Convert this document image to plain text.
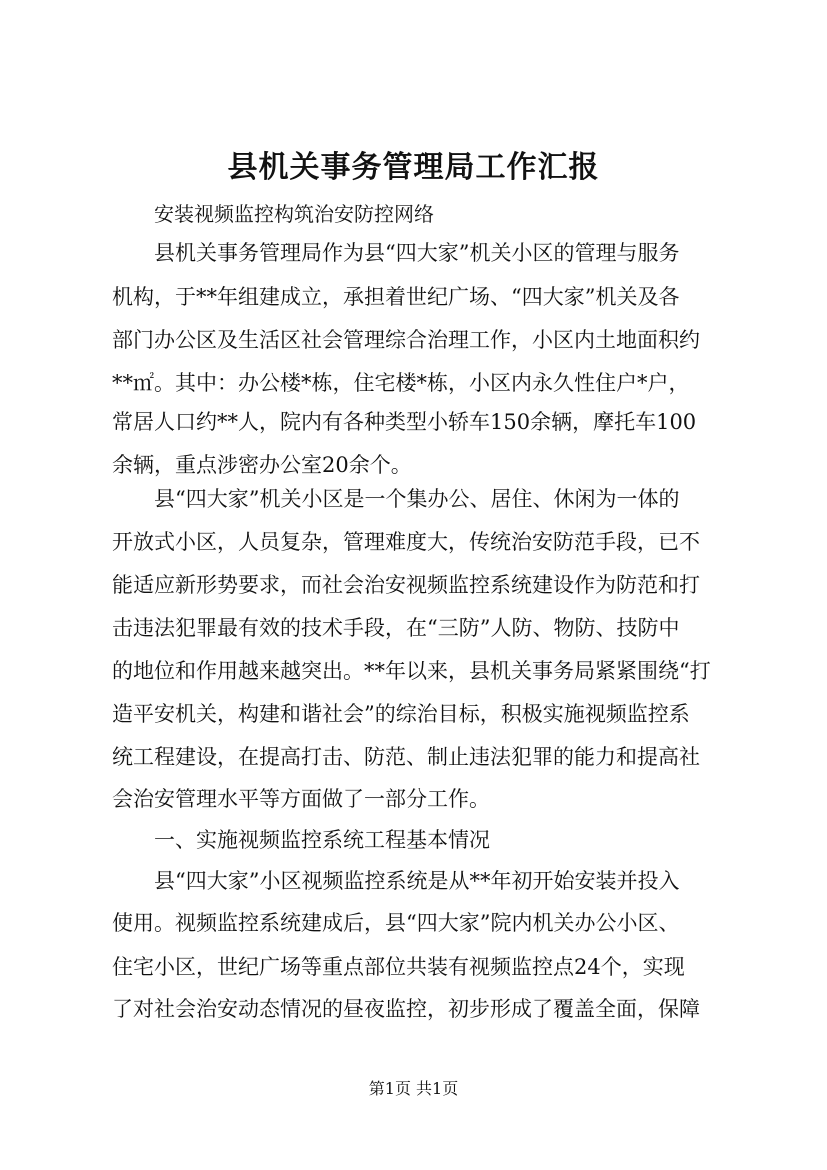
县机关事务管理局工作汇报

安装视频监控构筑治安防控网络

　　县机关事务管理局作为县“四大家”机关小区的管理与服务

机构，于**年组建成立，承担着世纪广场、“四大家”机关及各

部门办公区及生活区社会管理综合治理工作，小区内土地面积约

**㎡。其中：办公楼*栋，住宅楼*栋，小区内永久性住户*户，

常居人口约**人，院内有各种类型小轿车150余辆，摩托车100

余辆，重点涉密办公室20余个。

　　县“四大家”机关小区是一个集办公、居住、休闲为一体的

开放式小区，人员复杂，管理难度大，传统治安防范手段，已不

能适应新形势要求，而社会治安视频监控系统建设作为防范和打

击违法犯罪最有效的技术手段，在“三防”人防、物防、技防中

的地位和作用越来越突出。**年以来，县机关事务局紧紧围绕“打

造平安机关，构建和谐社会”的综治目标，积极实施视频监控系

统工程建设，在提高打击、防范、制止违法犯罪的能力和提高社

会治安管理水平等方面做了一部分工作。

　　一、实施视频监控系统工程基本情况

　　县“四大家”小区视频监控系统是从**年初开始安装并投入

使用。视频监控系统建成后，县“四大家”院内机关办公小区、

住宅小区，世纪广场等重点部位共装有视频监控点24个，实现

了对社会治安动态情况的昼夜监控，初步形成了覆盖全面，保障

第1页 共1页
